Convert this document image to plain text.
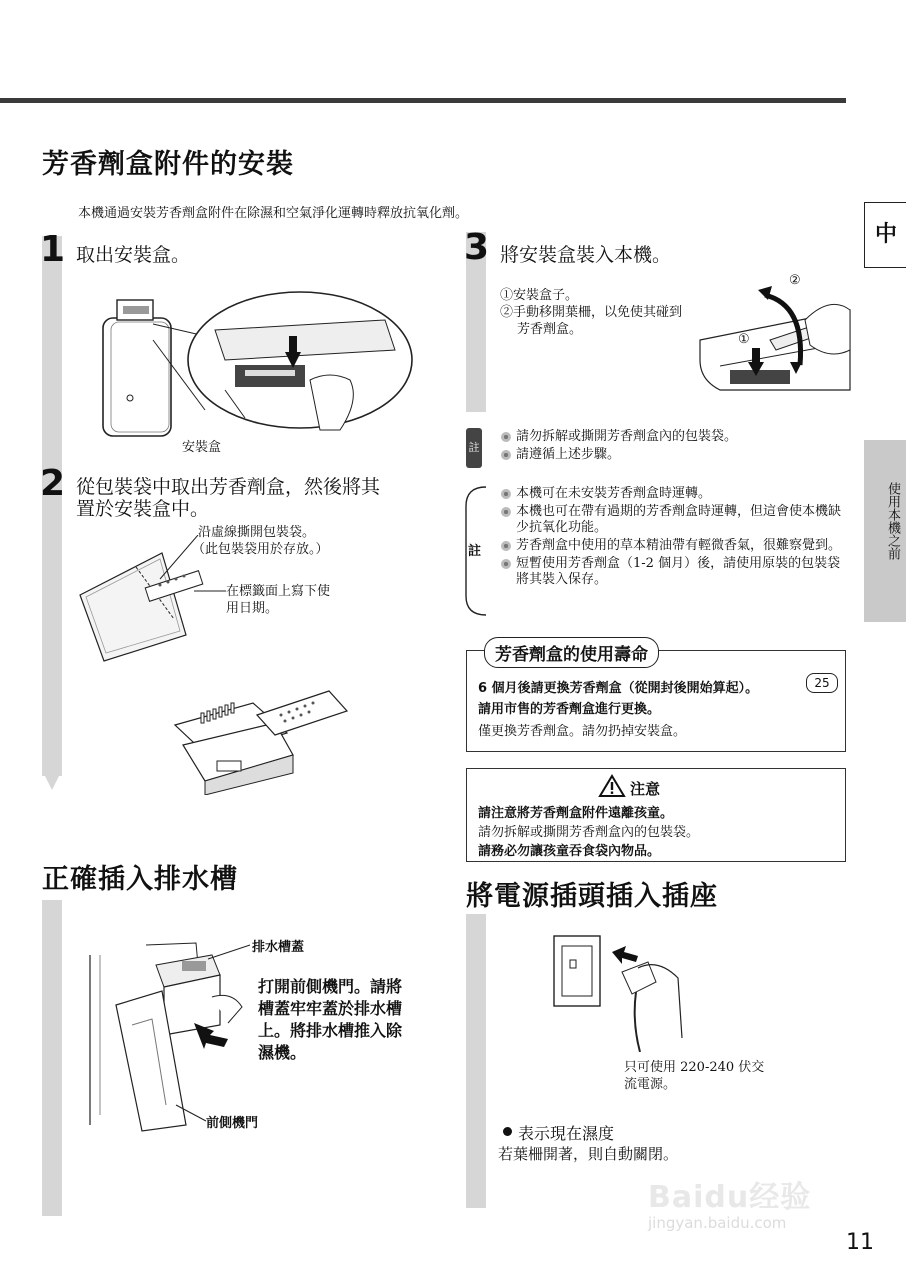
芳香劑盒附件的安裝
本機通過安裝芳香劑盒附件在除濕和空氣淨化運轉時釋放抗氧化劑。
1 取出安裝盒。
安裝盒
2 從包裝袋中取出芳香劑盒，然後將其
置於安裝盒中。
沿虛線撕開包裝袋。
（此包裝袋用於存放。）
在標籤面上寫下使
用日期。
3 將安裝盒裝入本機。
①安裝盒子。
②手動移開葉柵，以免使其碰到
芳香劑盒。
②
①
註
請勿拆解或撕開芳香劑盒內的包裝袋。
請遵循上述步驟。
註
本機可在未安裝芳香劑盒時運轉。
本機也可在帶有過期的芳香劑盒時運轉，但這會使本機缺少抗氧化功能。
芳香劑盒中使用的草本精油帶有輕微香氣，很難察覺到。
短暫使用芳香劑盒（1-2 個月）後，請使用原裝的包裝袋將其裝入保存。
芳香劑盒的使用壽命
6 個月後請更換芳香劑盒（從開封後開始算起）。	25
請用市售的芳香劑盒進行更換。
僅更換芳香劑盒。請勿扔掉安裝盒。
注意
請注意將芳香劑盒附件遠離孩童。
請勿拆解或撕開芳香劑盒內的包裝袋。
請務必勿讓孩童吞食袋內物品。
正確插入排水槽
排水槽蓋
打開前側機門。請將
槽蓋牢牢蓋於排水槽
上。將排水槽推入除
濕機。
前側機門
將電源插頭插入插座
只可使用 220-240 伏交
流電源。
表示現在濕度
若葉柵開著，則自動關閉。
中
使用本機之前
Baidu经验
jingyan.baidu.com
11
